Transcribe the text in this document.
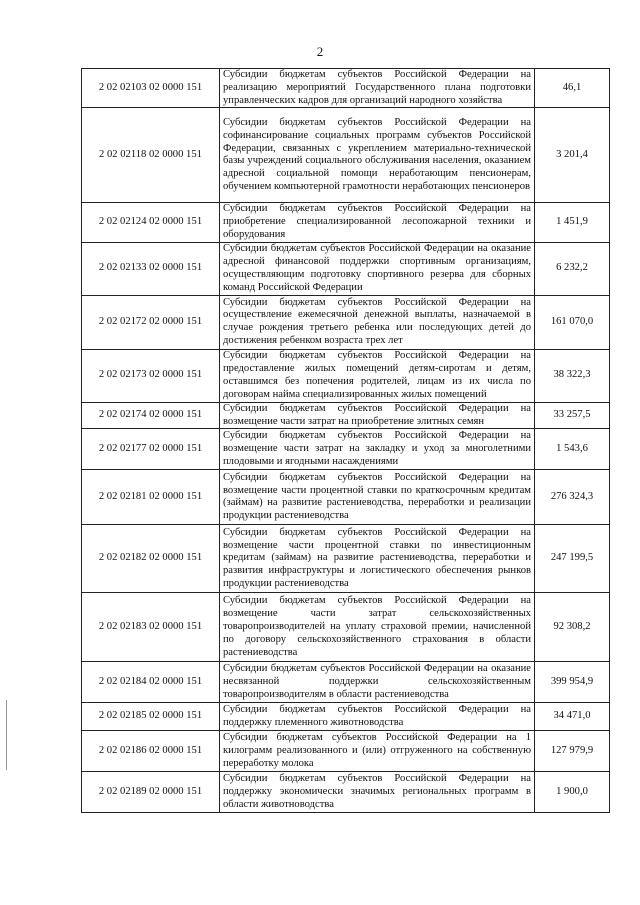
2
2 02 02103 02 0000 151	Субсидии бюджетам субъектов Российской Федерации на реализацию мероприятий Государственного плана подготовки управленческих кадров для организаций народного хозяйства	46,1
2 02 02118 02 0000 151	Субсидии бюджетам субъектов Российской Федерации на софинансирование социальных программ субъектов Российской Федерации, связанных с укреплением материально-технической базы учреждений социального обслуживания населения, оказанием адресной социальной помощи неработающим пенсионерам, обучением компьютерной грамотности неработающих пенсионеров	3 201,4
2 02 02124 02 0000 151	Субсидии бюджетам субъектов Российской Федерации на приобретение специализированной лесопожарной техники и оборудования	1 451,9
2 02 02133 02 0000 151	Субсидии бюджетам субъектов Российской Федерации на оказание адресной финансовой поддержки спортивным организациям, осуществляющим подготовку спортивного резерва для сборных команд Российской Федерации	6 232,2
2 02 02172 02 0000 151	Субсидии бюджетам субъектов Российской Федерации на осуществление ежемесячной денежной выплаты, назначаемой в случае рождения третьего ребенка или последующих детей до достижения ребенком возраста трех лет	161 070,0
2 02 02173 02 0000 151	Субсидии бюджетам субъектов Российской Федерации на предоставление жилых помещений детям-сиротам и детям, оставшимся без попечения родителей, лицам из их числа по договорам найма специализированных жилых помещений	38 322,3
2 02 02174 02 0000 151	Субсидии бюджетам субъектов Российской Федерации на возмещение части затрат на приобретение элитных семян	33 257,5
2 02 02177 02 0000 151	Субсидии бюджетам субъектов Российской Федерации на возмещение части затрат на закладку и уход за многолетними плодовыми и ягодными насаждениями	1 543,6
2 02 02181 02 0000 151	Субсидии бюджетам субъектов Российской Федерации на возмещение части процентной ставки по краткосрочным кредитам (займам) на развитие растениеводства, переработки и реализации продукции растениеводства	276 324,3
2 02 02182 02 0000 151	Субсидии бюджетам субъектов Российской Федерации на возмещение части процентной ставки по инвестиционным кредитам (займам) на развитие растениеводства, переработки и развития инфраструктуры и логистического обеспечения рынков продукции растениеводства	247 199,5
2 02 02183 02 0000 151	Субсидии бюджетам субъектов Российской Федерации на возмещение части затрат сельскохозяйственных товаропроизводителей на уплату страховой премии, начисленной по договору сельскохозяйственного страхования в области растениеводства	92 308,2
2 02 02184 02 0000 151	Субсидии бюджетам субъектов Российской Федерации на оказание несвязанной поддержки сельскохозяйственным товаропроизводителям в области растениеводства	399 954,9
2 02 02185 02 0000 151	Субсидии бюджетам субъектов Российской Федерации на поддержку племенного животноводства	34 471,0
2 02 02186 02 0000 151	Субсидии бюджетам субъектов Российской Федерации на 1 килограмм реализованного и (или) отгруженного на собственную переработку молока	127 979,9
2 02 02189 02 0000 151	Субсидии бюджетам субъектов Российской Федерации на поддержку экономически значимых региональных программ в области животноводства	1 900,0
